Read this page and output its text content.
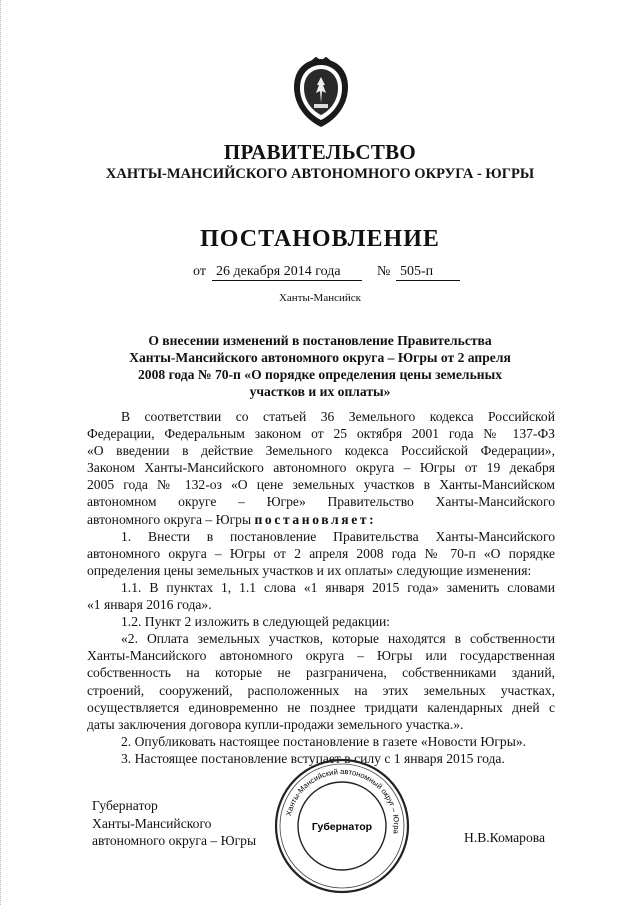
ПРАВИТЕЛЬСТВО
ХАНТЫ-МАНСИЙСКОГО АВТОНОМНОГО ОКРУГА - ЮГРЫ
ПОСТАНОВЛЕНИЕ
от 26 декабря 2014 года	№ 505-п
Ханты-Мансийск
О внесении изменений в постановление Правительства
Ханты-Мансийского автономного округа – Югры от 2 апреля
2008 года № 70-п «О порядке определения цены земельных
участков и их оплаты»
В соответствии со статьей 36 Земельного кодекса Российской
Федерации, Федеральным законом от 25 октября 2001 года № 137-ФЗ
«О введении в действие Земельного кодекса Российской Федерации»,
Законом Ханты-Мансийского автономного округа – Югры от 19 декабря
2005 года № 132-оз «О цене земельных участков в Ханты-Мансийском
автономном округе – Югре» Правительство Ханты-Мансийского
автономного округа – Югры постановляет:
1. Внести в постановление Правительства Ханты-Мансийского
автономного округа – Югры от 2 апреля 2008 года № 70-п «О порядке
определения цены земельных участков и их оплаты» следующие изменения:
1.1. В пунктах 1, 1.1 слова «1 января 2015 года» заменить словами
«1 января 2016 года».
1.2. Пункт 2 изложить в следующей редакции:
«2. Оплата земельных участков, которые находятся в собственности
Ханты-Мансийского автономного округа – Югры или государственная
собственность на которые не разграничена, собственниками зданий,
строений, сооружений, расположенных на этих земельных участках,
осуществляется единовременно не позднее тридцати календарных дней с
даты заключения договора купли-продажи земельного участка.».
2. Опубликовать настоящее постановление в газете «Новости Югры».
3. Настоящее постановление вступает в силу с 1 января 2015 года.
Губернатор
Ханты-Мансийского
автономного округа – Югры
Ханты-Мансийский автономный округ – Югра
Губернатор
Н.В.Комарова
